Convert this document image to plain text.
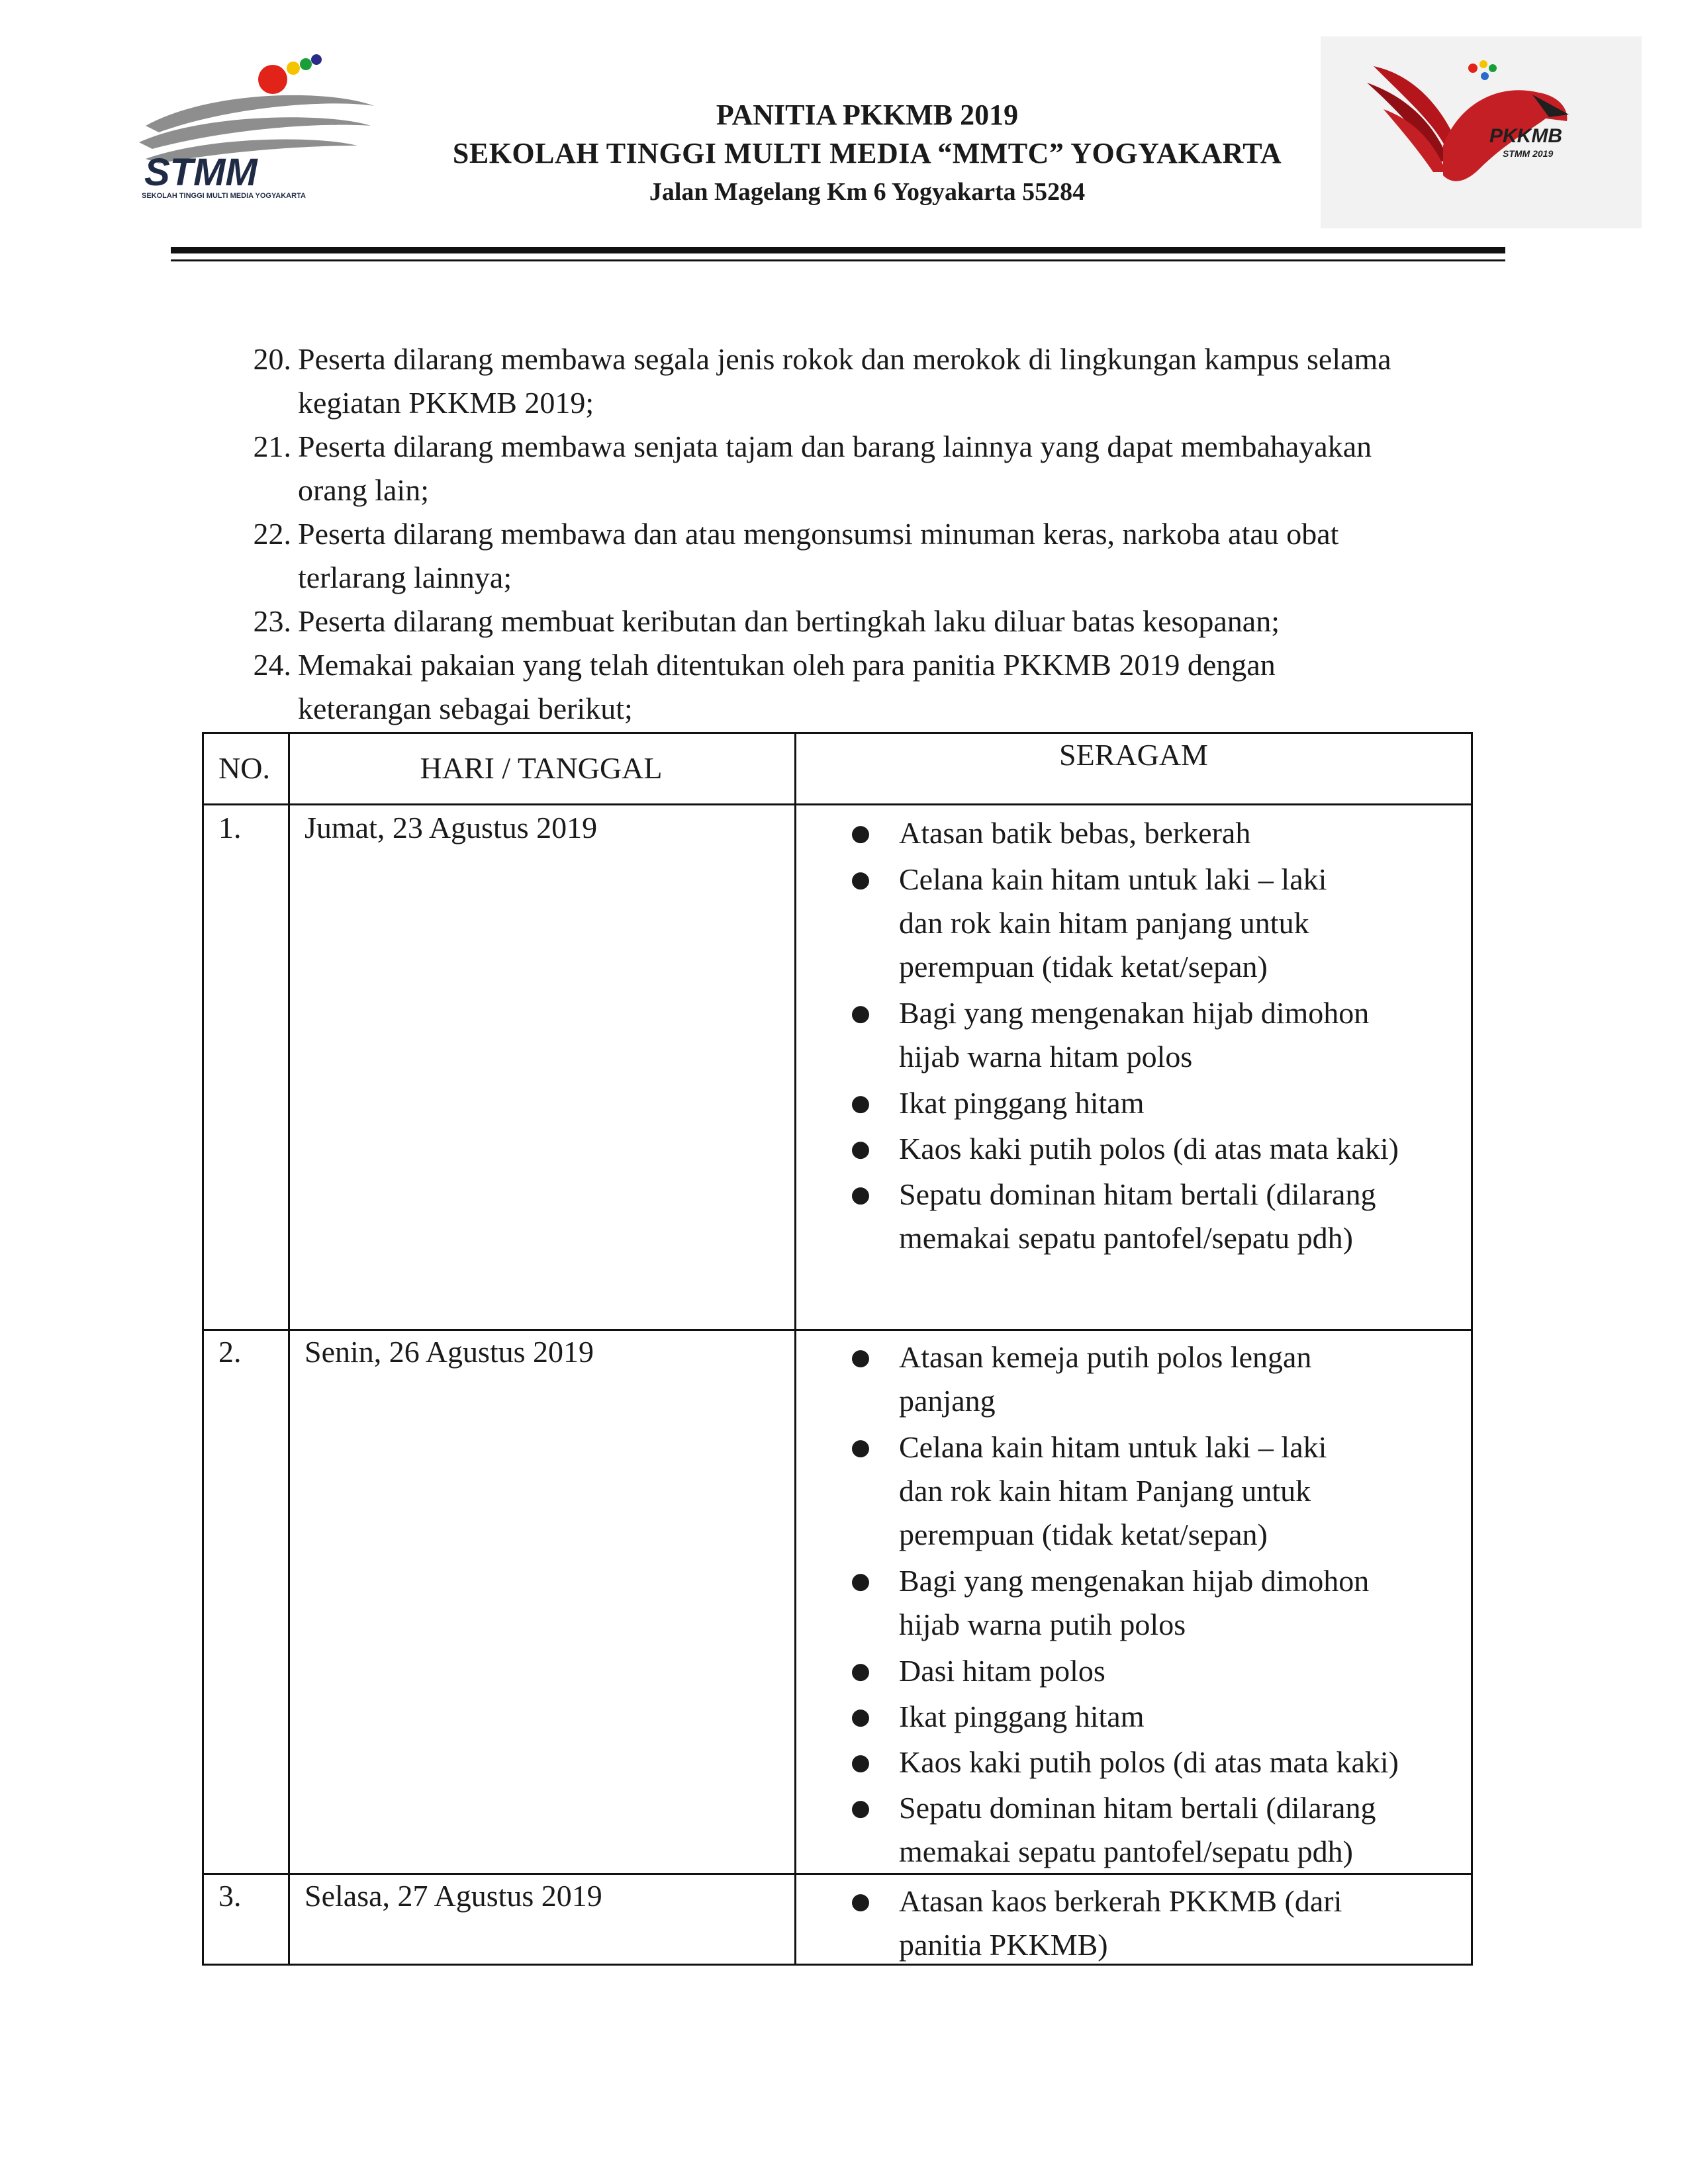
STMM
SEKOLAH TINGGI MULTI MEDIA YOGYAKARTA
PANITIA PKKMB 2019
SEKOLAH TINGGI MULTI MEDIA “MMTC” YOGYAKARTA
Jalan Magelang Km 6 Yogyakarta 55284
PKKMB
STMM 2019
20. Peserta dilarang membawa segala jenis rokok dan merokok di lingkungan kampus selama
kegiatan PKKMB 2019;
21. Peserta dilarang membawa senjata tajam dan barang lainnya yang dapat membahayakan
orang lain;
22. Peserta dilarang membawa dan atau mengonsumsi minuman keras, narkoba atau obat
terlarang lainnya;
23. Peserta dilarang membuat keributan dan bertingkah laku diluar batas kesopanan;
24. Memakai pakaian yang telah ditentukan oleh para panitia PKKMB 2019 dengan
keterangan sebagai berikut;
NO.	HARI / TANGGAL	SERAGAM
1. Jumat, 23 Agustus 2019	● Atasan batik bebas, berkerah
● Celana kain hitam untuk laki – laki
dan rok kain hitam panjang untuk
perempuan (tidak ketat/sepan)
● Bagi yang mengenakan hijab dimohon
hijab warna hitam polos
● Ikat pinggang hitam
● Kaos kaki putih polos (di atas mata kaki)
● Sepatu dominan hitam bertali (dilarang
memakai sepatu pantofel/sepatu pdh)
2. Senin, 26 Agustus 2019	● Atasan kemeja putih polos lengan
panjang
● Celana kain hitam untuk laki – laki
dan rok kain hitam Panjang untuk
perempuan (tidak ketat/sepan)
● Bagi yang mengenakan hijab dimohon
hijab warna putih polos
● Dasi hitam polos
● Ikat pinggang hitam
● Kaos kaki putih polos (di atas mata kaki)
● Sepatu dominan hitam bertali (dilarang
memakai sepatu pantofel/sepatu pdh)
3. Selasa, 27 Agustus 2019	● Atasan kaos berkerah PKKMB (dari
panitia PKKMB)
